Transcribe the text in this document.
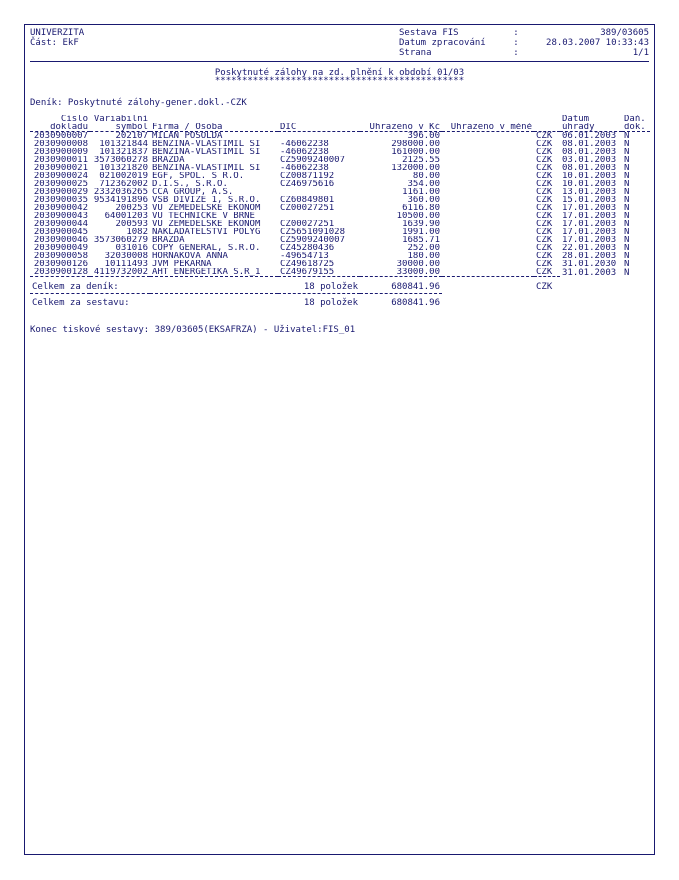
UNIVERZITA
Část: EkF
Sestava FIS	:	389/03605
Datum zpracování	:	28.03.2007 10:33:43
Strana	:	1/1
Poskytnuté zálohy na zd. plnění k období 01/03
**********************************************
Deník: Poskytnuté zálohy-gener.dokl.-CZK
Číslo	Variabilní						Datum	Daň.
dokladu	symbol	Firma / Osoba	DIČ	Uhrazeno v Kč	Uhrazeno v měně		úhrady	dok.
2030900007	202107	MILAN POSOLDA		396.00		CZK	06.01.2003	N
2030900008	101321844	BENZINA-VLASTIMIL SI	-46062238	298000.00		CZK	08.01.2003	N
2030900009	101321837	BENZINA-VLASTIMIL SI	-46062238	161000.00		CZK	08.01.2003	N
2030900011	3573060278	BRAZDA	CZ5909240007	2125.55		CZK	03.01.2003	N
2030900021	101321820	BENZINA-VLASTIMIL SI	-46062238	132000.00		CZK	08.01.2003	N
2030900024	021002019	EGF, SPOL. S R.O.	CZ00871192	80.00		CZK	10.01.2003	N
2030900025	712362002	D.I.S., S.R.O.	CZ46975616	354.00		CZK	10.01.2003	N
2030900029	2332036265	CCA GROUP, A.S.		1161.00		CZK	13.01.2003	N
2030900035	9534191896	VSB DIVIZE 1, S.R.O.	CZ60849801	360.00		CZK	15.01.2003	N
2030900042	200253	VU ZEMEDELSKE EKONOM	CZ00027251	6116.80		CZK	17.01.2003	N
2030900043	64001203	VU TECHNICKE V BRNE		10500.00		CZK	17.01.2003	N
2030900044	200593	VU ZEMEDELSKE EKONOM	CZ00027251	1639.90		CZK	17.01.2003	N
2030900045	1082	NAKLADATELSTVI POLYG	CZ5651091028	1991.00		CZK	17.01.2003	N
2030900046	3573060279	BRAZDA	CZ5909240007	1685.71		CZK	17.01.2003	N
2030900049	031016	COPY GENERAL, S.R.O.	CZ45280436	252.00		CZK	22.01.2003	N
2030900058	32030008	HORNAKOVA ANNA	-49654713	180.00		CZK	28.01.2003	N
2030900126	10111493	JVM PEKARNA	CZ49618725	30000.00		CZK	31.01.2030	N
2030900128	4119732002	AHT ENERGETIKA S.R_1	CZ49679155	33000.00		CZK	31.01.2003	N

Celkem za deník:			18 položek	680841.96		CZK		

Celkem za sestavu:			18 položek	680841.96				
Konec tiskové sestavy: 389/03605(EKSAFRZA) - Uživatel:FIS_01
